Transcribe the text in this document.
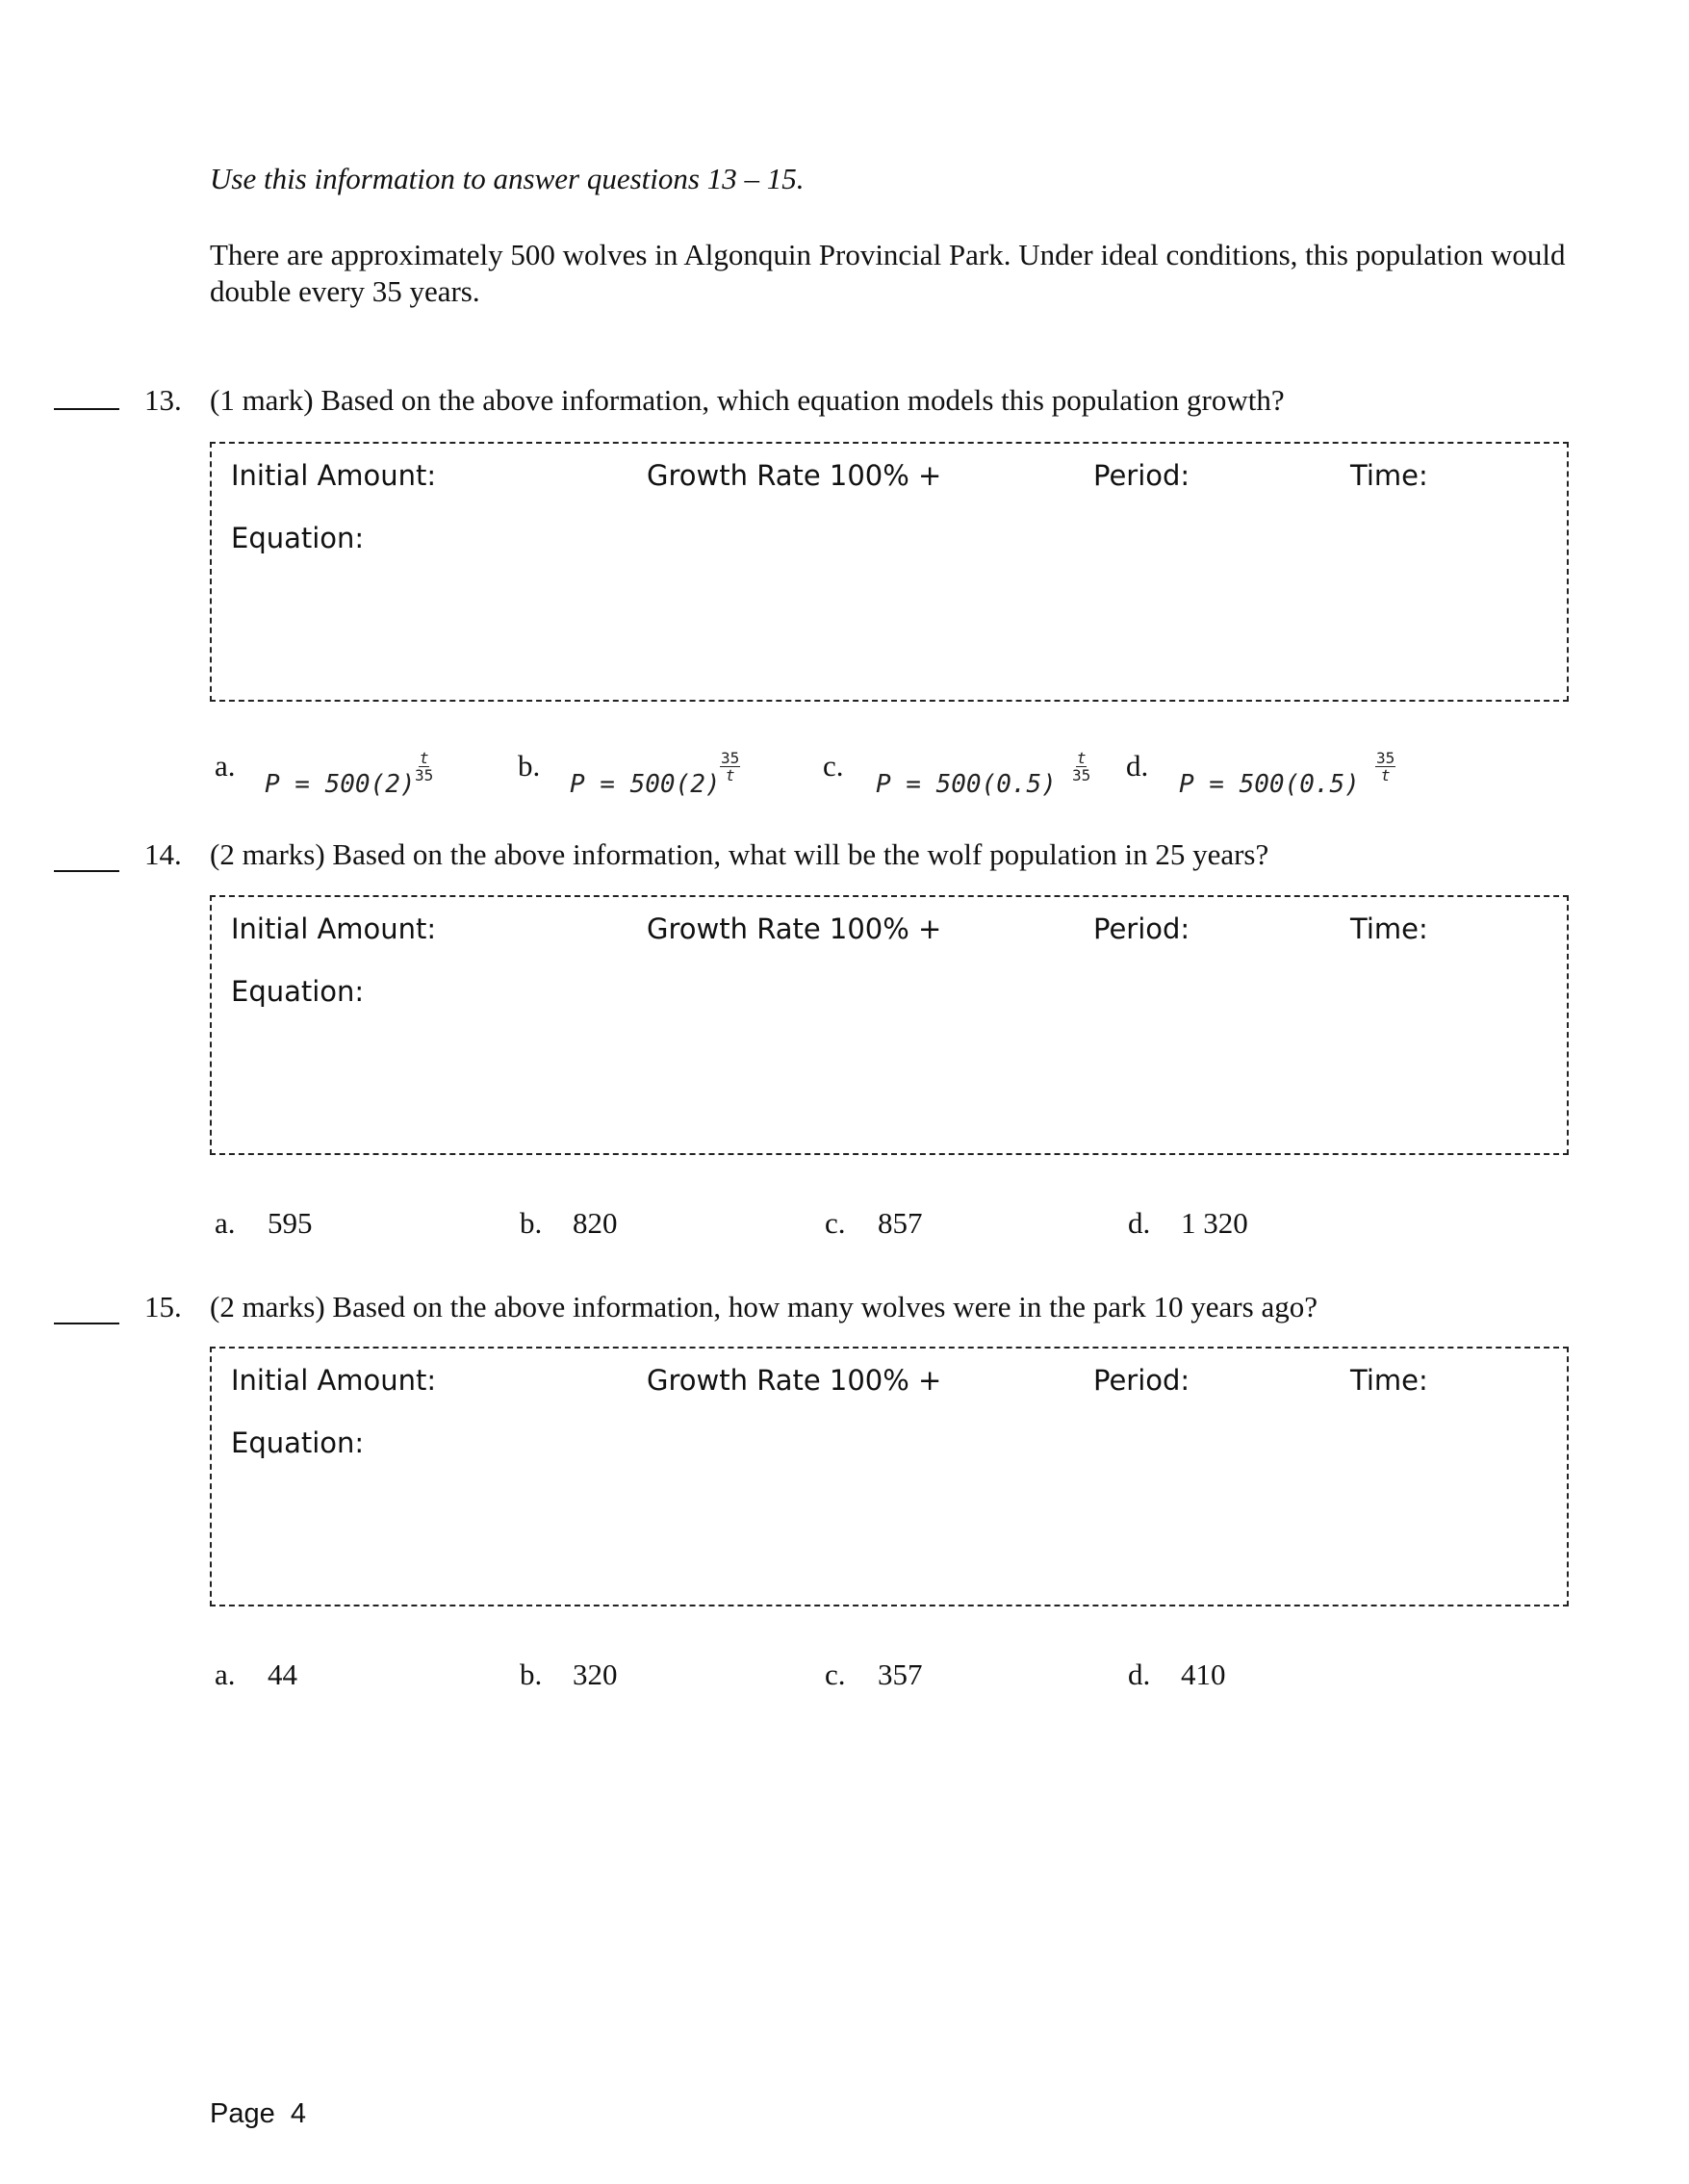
Use this information to answer questions 13 – 15.
There are approximately 500 wolves in Algonquin Provincial Park. Under ideal conditions, this population would double every 35 years.
13. (1 mark) Based on the above information, which equation models this population growth?
Initial Amount:	Growth Rate 100% +	Period:	Time:
Equation:
a.
P = 500(2)
$\frac{t}{35}$	b.
P = 500(2)
$\frac{35}{t}$	c.
P = 500(0.5)
$\frac{t}{35} d$.
P = 500(0.5)
$\frac{35}{t}$
14. (2 marks) Based on the above information, what will be the wolf population in 25 years?
Initial Amount:	Growth Rate 100% +	Period:	Time:
Equation:
a. 595	b. 820	c. 857	d. 1 320
15. (2 marks) Based on the above information, how many wolves were in the park 10 years ago?
Initial Amount:	Growth Rate 100% +	Period:	Time:
Equation:
a. 44	b. 320	c. 357	d. 410
Page  4
